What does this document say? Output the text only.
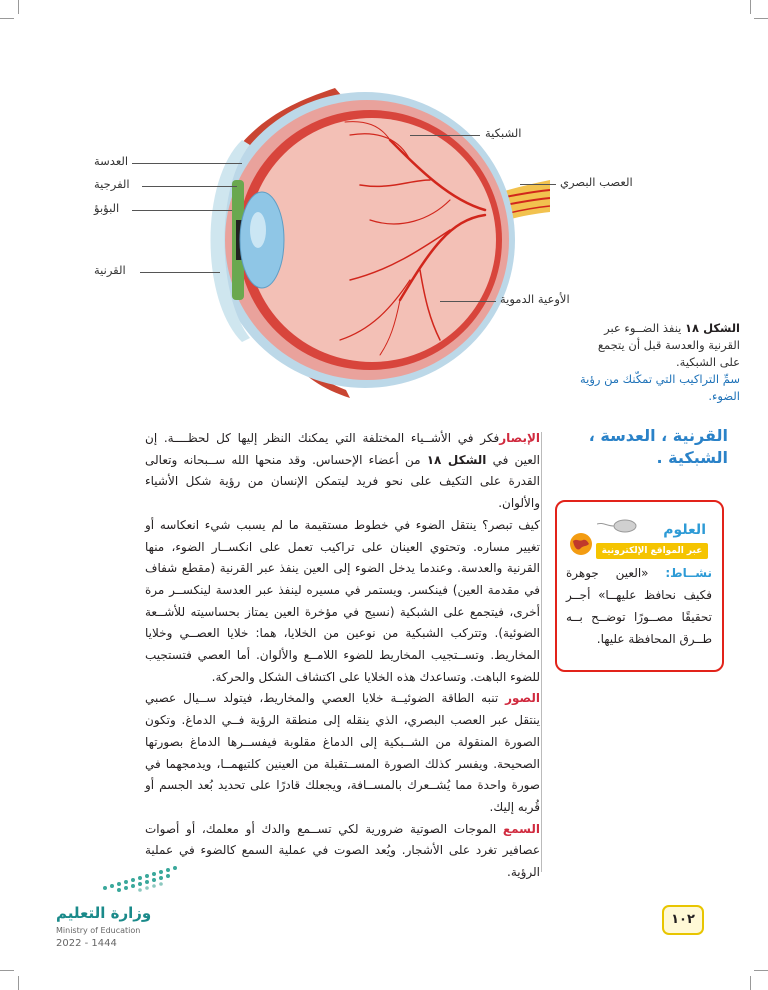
العدسة
الفرجية
البؤبؤ
القرنية
الشبكية
العصب البصري
الأوعية الدموية
الشكل ١٨ ينفذ الضــوء عبر القرنية والعدسة قبل أن يتجمع على الشبكية.
سمِّ التراكيب التي تمكّنك من رؤية الضوء.
القرنية ، العدسة ، الشبكية .

الإبصارفكر في الأشــياء المختلفة التي يمكنك النظر إليها كل لحظــــة. إن العين في الشكل ١٨ من أعضاء الإحساس. وقد منحها الله ســبحانه وتعالى القدرة على التكيف على نحو فريد ليتمكن الإنسان من رؤية شكل الأشياء والألوان.

كيف تبصر؟ ينتقل الضوء في خطوط مستقيمة ما لم يسبب شيء انعكاسه أو تغيير مساره. وتحتوي العينان على تراكيب تعمل على انكســار الضوء، منها القرنية والعدسة. وعندما يدخل الضوء إلى العين ينفذ عبر القرنية (مقطع شفاف في مقدمة العين) فينكسر. ويستمر في مسيره لينفذ عبر العدسة لينكســر مرة أخرى، فيتجمع على الشبكية (نسيج في مؤخرة العين يمتاز بحساسيته للأشــعة الضوئية). وتتركب الشبكية من نوعين من الخلايا، هما: خلايا العصــي وخلايا المخاريط. وتســتجيب المخاريط للضوء اللامــع والألوان. أما العصي فتستجيب للضوء الباهت. وتساعدك هذه الخلايا على اكتشاف الشكل والحركة.

الصور تنبه الطاقة الضوئيــة خلايا العصي والمخاريط، فيتولد ســيال عصبي ينتقل عبر العصب البصري، الذي ينقله إلى منطقة الرؤية فــي الدماغ. وتكون الصورة المنقولة من الشــبكية إلى الدماغ مقلوبة فيفســرها الدماغ بصورتها الصحيحة. ويفسر كذلك الصورة المســتقبلة من العينين كلتيهمــا، ويدمجهما في صورة واحدة مما يُشــعرك بالمســافة، ويجعلك قادرًا على تحديد بُعد الجسم أو قُربه إليك.

السمع الموجات الصوتية ضرورية لكي تســمع والدك أو معلمك، أو أصوات عصافير تغرد على الأشجار. ويُعد الصوت في عملية السمع كالضوء في عملية الرؤية.

العلوم
عبر المواقع الإلكترونية
نشــاط: «العين جوهرة فكيف نحافظ عليهــا» أجــر تحقيقًا مصــورًا توضــح بــه طــرق المحافظة عليها.
وزارة التعليم
Ministry of Education
2022 - 1444
١٠٢
